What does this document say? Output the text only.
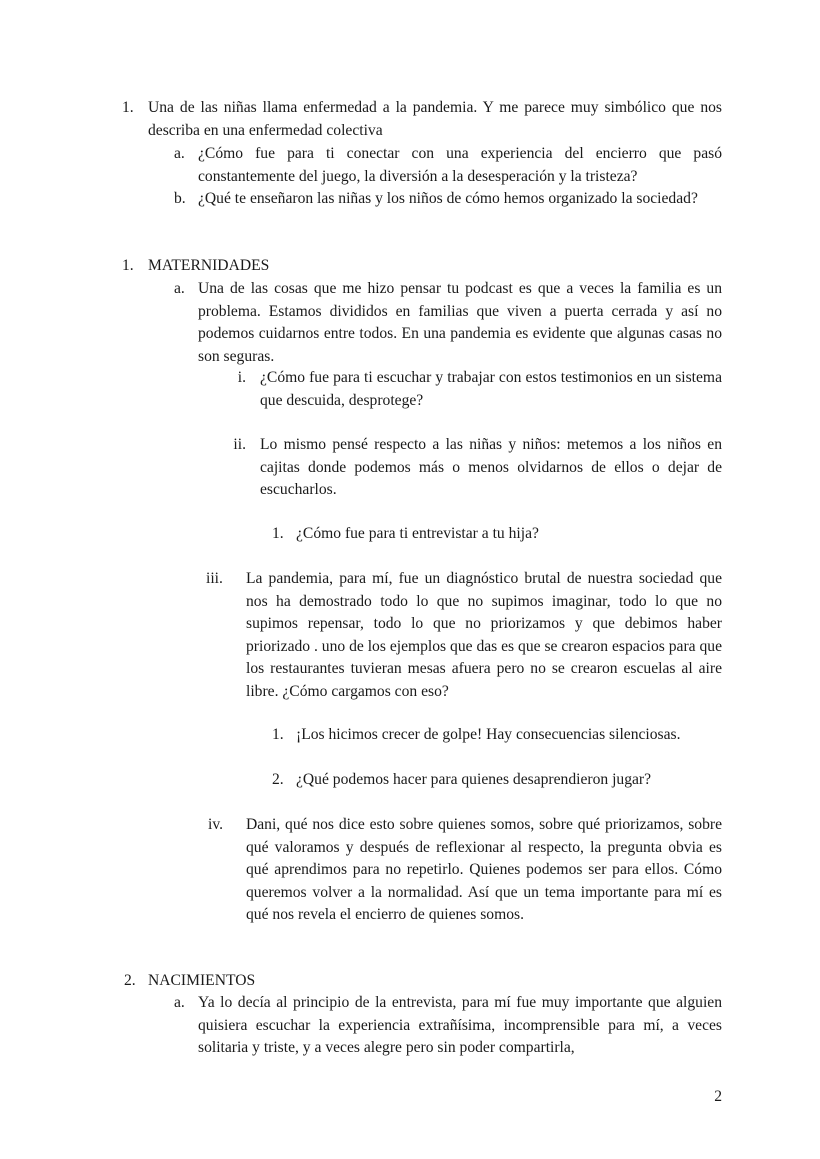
1. Una de las niñas llama enfermedad a la pandemia. Y me parece muy simbólico que nos describa en una enfermedad colectiva
a. ¿Cómo fue para ti conectar con una experiencia del encierro que pasó constantemente del juego, la diversión a la desesperación y la tristeza?
b. ¿Qué te enseñaron las niñas y los niños de cómo hemos organizado la sociedad?
1. MATERNIDADES
a. Una de las cosas que me hizo pensar tu podcast es que a veces la familia es un problema. Estamos divididos en familias que viven a puerta cerrada y así no podemos cuidarnos entre todos. En una pandemia es evidente que algunas casas no son seguras.
i. ¿Cómo fue para ti escuchar y trabajar con estos testimonios en un sistema que descuida, desprotege?
ii. Lo mismo pensé respecto a las niñas y niños: metemos a los niños en cajitas donde podemos más o menos olvidarnos de ellos o dejar de escucharlos.
1. ¿Cómo fue para ti entrevistar a tu hija?
iii.	La pandemia, para mí, fue un diagnóstico brutal de nuestra sociedad que nos ha demostrado todo lo que no supimos imaginar, todo lo que no supimos repensar, todo lo que no priorizamos y que debimos haber priorizado . uno de los ejemplos que das es que se crearon espacios para que los restaurantes tuvieran mesas afuera pero no se crearon escuelas al aire libre. ¿Cómo cargamos con eso?
1. ¡Los hicimos crecer de golpe! Hay consecuencias silenciosas.
2. ¿Qué podemos hacer para quienes desaprendieron jugar?
iv.	Dani, qué nos dice esto sobre quienes somos, sobre qué priorizamos, sobre qué valoramos y después de reflexionar al respecto, la pregunta obvia es qué aprendimos para no repetirlo. Quienes podemos ser para ellos. Cómo queremos volver a la normalidad. Así que un tema importante para mí es qué nos revela el encierro de quienes somos.
2. NACIMIENTOS
a. Ya lo decía al principio de la entrevista, para mí fue muy importante que alguien quisiera escuchar la experiencia extrañísima, incomprensible para mí, a veces solitaria y triste, y a veces alegre pero sin poder compartirla,
2
